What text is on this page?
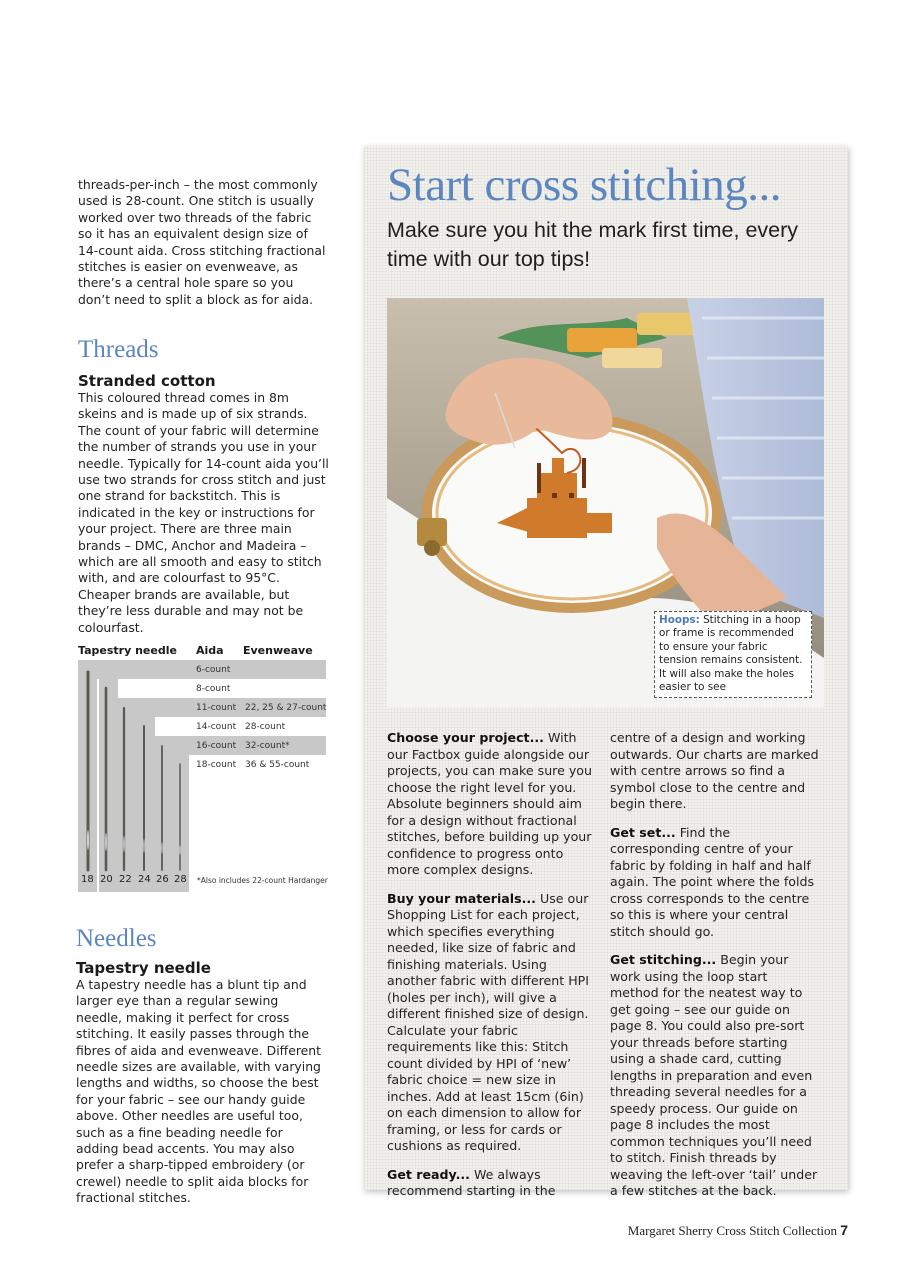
threads-per-inch – the most commonly used is 28-count. One stitch is usually worked over two threads of the fabric so it has an equivalent design size of 14-count aida. Cross stitching fractional stitches is easier on evenweave, as there’s a central hole spare so you don’t need to split a block as for aida.

Threads
Stranded cotton

This coloured thread comes in 8m skeins and is made up of six strands. The count of your fabric will determine the number of strands you use in your needle. Typically for 14-count aida you’ll use two strands for cross stitch and just one strand for backstitch. This is indicated in the key or instructions for your project. There are three main brands – DMC, Anchor and Madeira – which are all smooth and easy to stitch with, and are colourfast to 95°C. Cheaper brands are available, but they’re less durable and may not be colourfast.

Tapestry needle Aida Evenweave
6-count
8-count
11-count 22, 25 & 27-count
14-count 28-count
16-count 32-count*
18-count 36 & 55-count
18 20 22 24 26 28 *Also includes 22-count Hardanger
Needles
Tapestry needle

A tapestry needle has a blunt tip and larger eye than a regular sewing needle, making it perfect for cross stitching. It easily passes through the fibres of aida and evenweave. Different needle sizes are available, with varying lengths and widths, so choose the best for your fabric – see our handy guide above. Other needles are useful too, such as a fine beading needle for adding bead accents. You may also prefer a sharp-tipped embroidery (or crewel) needle to split aida blocks for fractional stitches.

Start cross stitching...

Make sure you hit the mark first time, every time with our top tips!

Hoops: Stitching in a hoop or frame is recommended to ensure your fabric tension remains consistent. It will also make the holes easier to see

Choose your project... With our Factbox guide alongside our projects, you can make sure you choose the right level for you. Absolute beginners should aim for a design without fractional stitches, before building up your confidence to progress onto more complex designs.

Buy your materials... Use our Shopping List for each project, which specifies everything needed, like size of fabric and finishing materials. Using another fabric with different HPI (holes per inch), will give a different finished size of design. Calculate your fabric requirements like this: Stitch count divided by HPI of ‘new’ fabric choice = new size in inches. Add at least 15cm (6in) on each dimension to allow for framing, or less for cards or cushions as required.

Get ready... We always recommend starting in the

centre of a design and working outwards. Our charts are marked with centre arrows so find a symbol close to the centre and begin there.

Get set... Find the corresponding centre of your fabric by folding in half and half again. The point where the folds cross corresponds to the centre so this is where your central stitch should go.

Get stitching... Begin your work using the loop start method for the neatest way to get going – see our guide on page 8. You could also pre-sort your threads before starting using a shade card, cutting lengths in preparation and even threading several needles for a speedy process. Our guide on page 8 includes the most common techniques you’ll need to stitch. Finish threads by weaving the left-over ‘tail’ under a few stitches at the back.

Margaret Sherry Cross Stitch Collection 7
